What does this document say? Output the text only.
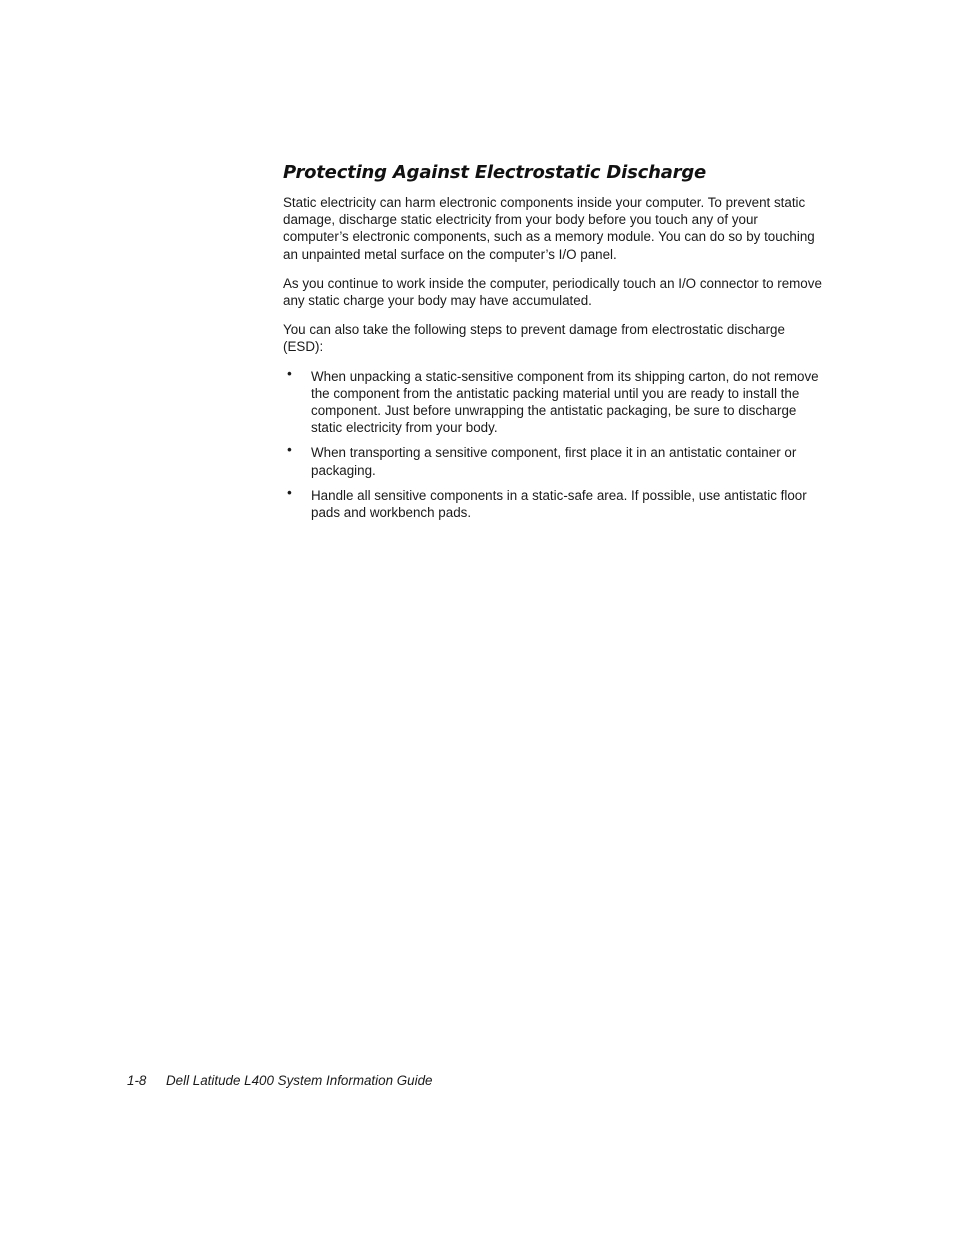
Protecting Against Electrostatic Discharge

Static electricity can harm electronic components inside your computer. To prevent static damage, discharge static electricity from your body before you touch any of your computer’s electronic components, such as a memory module. You can do so by touching an unpainted metal surface on the computer’s I/O panel.

As you continue to work inside the computer, periodically touch an I/O connector to remove any static charge your body may have accumulated.

You can also take the following steps to prevent damage from electrostatic discharge (ESD):

• When unpacking a static-sensitive component from its shipping carton, do not remove the component from the antistatic packing material until you are ready to install the component. Just before unwrapping the antistatic packaging, be sure to discharge static electricity from your body.
• When transporting a sensitive component, first place it in an antistatic container or packaging.
• Handle all sensitive components in a static-safe area. If possible, use antistatic floor pads and workbench pads.
1-8 Dell Latitude L400 System Information Guide
